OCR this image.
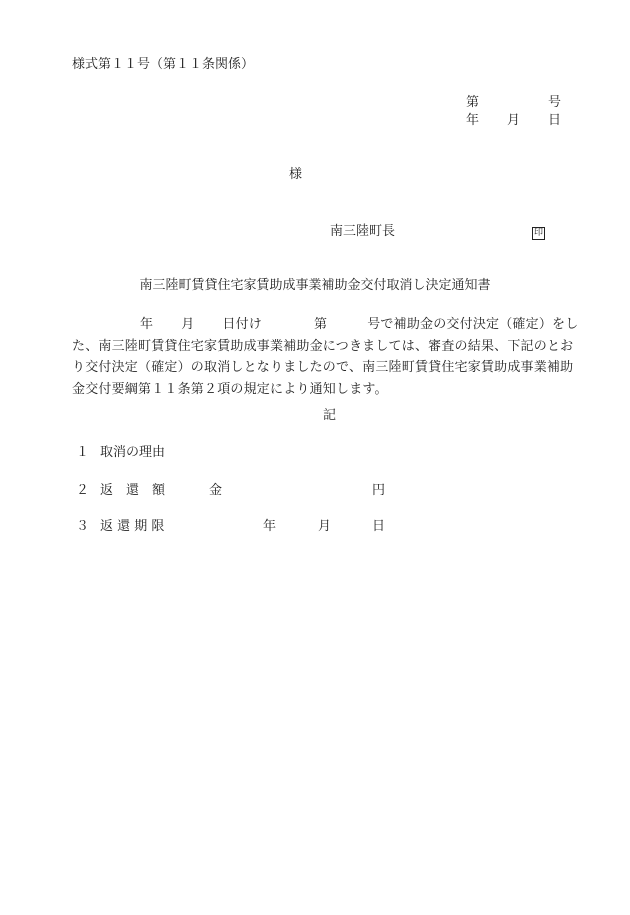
様式第１１号（第１１条関係）
第	号
年 月 日
様
南三陸町長	印
南三陸町賃貸住宅家賃助成事業補助金交付取消し決定通知書
年 月 日付け	第	号で補助金の交付決定（確定）をし
た、南三陸町賃貸住宅家賃助成事業補助金につきましては、審査の結果、下記のとお
り交付決定（確定）の取消しとなりましたので、南三陸町賃貸住宅家賃助成事業補助
金交付要綱第１１条第２項の規定により通知します。
記
１ 取消の理由
２ 返　還　額	金	円
３ 返 還 期 限	年	月	日
